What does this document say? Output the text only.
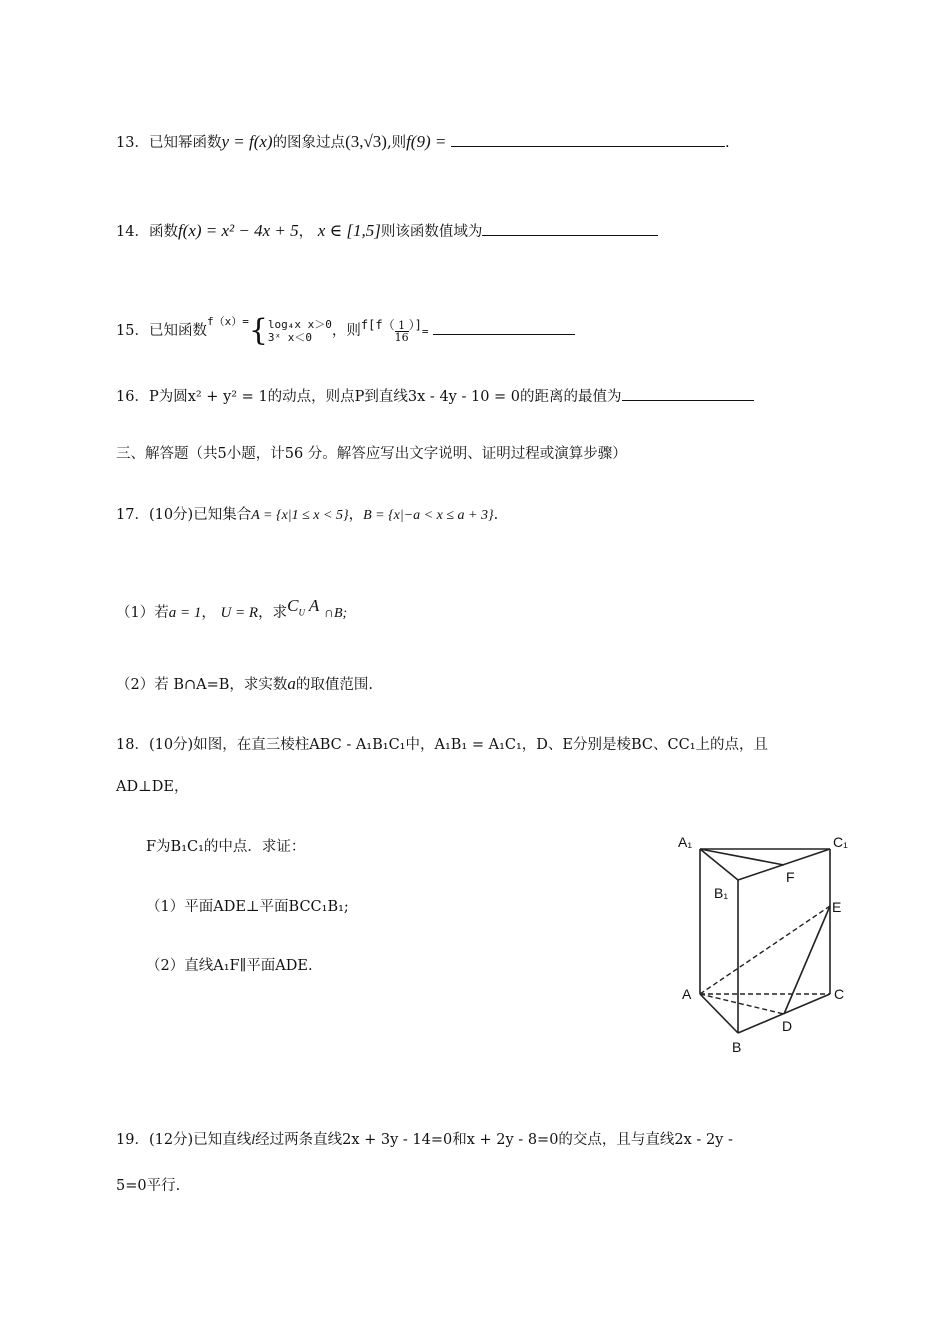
13．已知幂函数y = f(x)的图象过点(3,√3),则f(9) =	.
14．函数f(x) = x² − 4x + 5， x ∈ [1,5]则该函数值域为
15．已知函数$^{f(x)=}${ log₄x x＞0
3ˣ x＜0	，则$^{f[f(} \frac{1}{16} ^{)]}=$
16．P为圆x² + y² = 1的动点，则点P到直线3x - 4y - 10 = 0的距离的最值为
三、解答题（共5小题，计56 分。解答应写出文字说明、证明过程或演算步骤）
17．(10分)已知集合A = {x|1 ≤ x < 5}，B = {x|−a < x ≤ a + 3}.
（1）若a = 1， U = R，求$C_U$ A ∩B;
（2）若 B∩A=B，求实数a的取值范围.
18．(10分)如图，在直三棱柱ABC - A₁B₁C₁中，A₁B₁ = A₁C₁，D、E分别是棱BC、CC₁上的点，且
AD⊥DE，
F为B₁C₁的中点．求证：
（1）平面ADE⊥平面BCC₁B₁;
（2）直线A₁F∥平面ADE.
A₁	C₁
B₁
F
E
A	C
D
B
19．(12分)已知直线l经过两条直线2x + 3y - 14=0和x + 2y - 8=0的交点，且与直线2x - 2y -
5=0平行.
